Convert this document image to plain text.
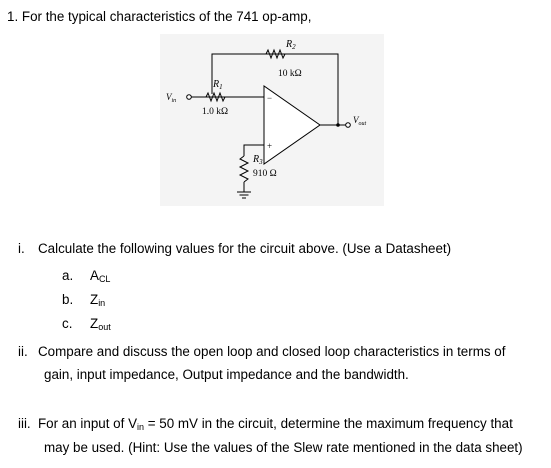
1. For the typical characteristics of the 741 op-amp,
$R_2$
10 kΩ
$R_1$
1.0 kΩ
$V_{in}$	−
+
$V_{out}$
$R_3$
910 Ω
i. Calculate the following values for the circuit above. (Use a Datasheet)
a. $A_{CL}$
b. $Z_{in}$
c. $Z_{out}$
ii. Compare and discuss the open loop and closed loop characteristics in terms of
gain, input impedance, Output impedance and the bandwidth.
iii. For an input of $V_{in} = 50$ mV in the circuit, determine the maximum frequency that
may be used. (Hint: Use the values of the Slew rate mentioned in the data sheet)
